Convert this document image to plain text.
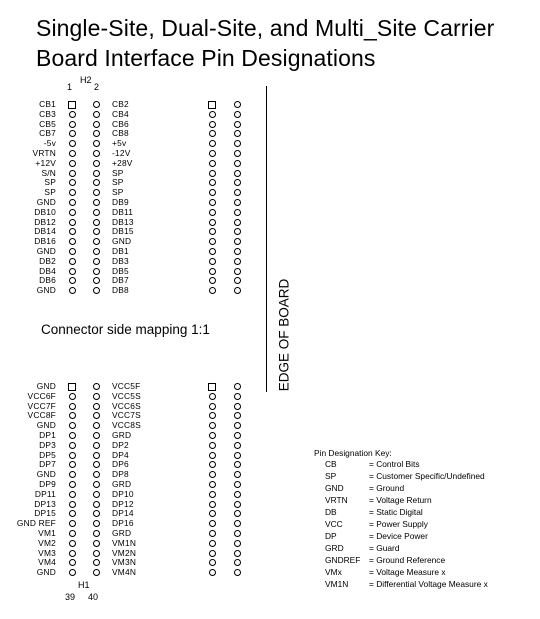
Single-Site, Dual-Site, and Multi_Site Carrier
Board Interface Pin Designations
H2
1 2
CB1	CB2
CB3	CB4
CB5	CB6
CB7	CB8
-5v	+5v
VRTN	-12V
+12V	+28V
S/N	SP
SP	SP
SP	SP
GND	DB9
DB10	DB11
DB12	DB13
DB14	DB15
DB16	GND
GND	DB1
DB2	DB3
DB4	DB5
DB6	DB7
GND	DB8
Connector side mapping 1:1	EDGE OF BOARD
GND	VCC5F
VCC6F	VCC5S
VCC7F	VCC6S
VCC8F	VCC7S
GND	VCC8S
DP1	GRD
DP3	DP2
DP5	DP4
DP7	DP6
GND	DP8
DP9	GRD
DP11	DP10
DP13	DP12
DP15	DP14
GND REF	DP16
VM1	GRD
VM2	VM1N
VM3	VM2N
VM4	VM3N
GND	VM4N
H1
39 40
Pin Designation Key:
CB	= Control Bits
SP	= Customer Specific/Undefined
GND	= Ground
VRTN	= Voltage Return
DB	= Static Digital
VCC	= Power Supply
DP	= Device Power
GRD	= Guard
GNDREF = Ground Reference
VMx	= Voltage Measure x
VM1N = Differential Voltage Measure x
